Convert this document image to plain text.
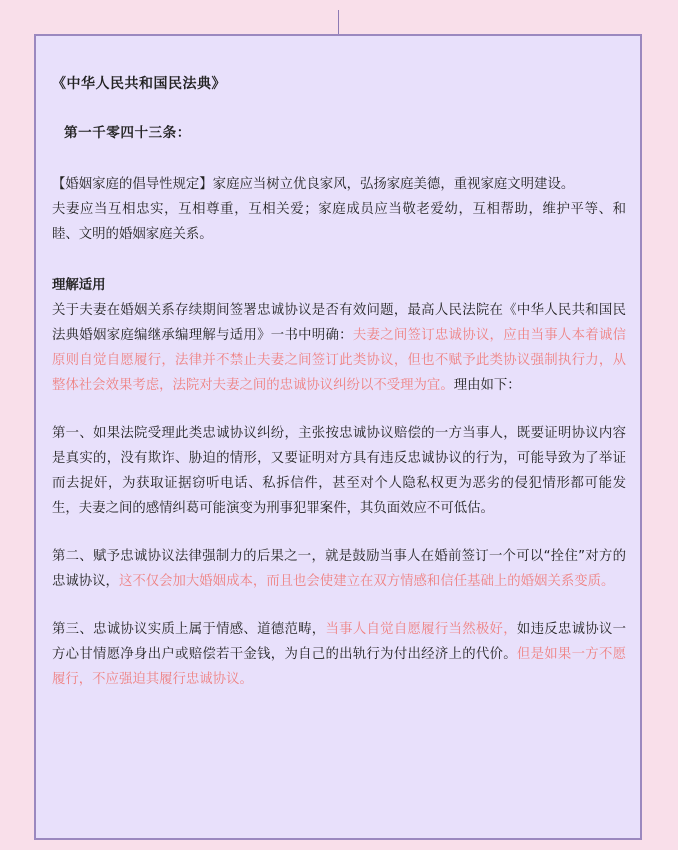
《中华人民共和国民法典》
第一千零四十三条：

【婚姻家庭的倡导性规定】家庭应当树立优良家风，弘扬家庭美德，重视家庭文明建设。

夫妻应当互相忠实，互相尊重，互相关爱；家庭成员应当敬老爱幼，互相帮助，维护平等、和睦、文明的婚姻家庭关系。

理解适用

关于夫妻在婚姻关系存续期间签署忠诚协议是否有效问题，最高人民法院在《中华人民共和国民法典婚姻家庭编继承编理解与适用》一书中明确：夫妻之间签订忠诚协议，应由当事人本着诚信原则自觉自愿履行，法律并不禁止夫妻之间签订此类协议，但也不赋予此类协议强制执行力，从整体社会效果考虑，法院对夫妻之间的忠诚协议纠纷以不受理为宜。理由如下：

第一、如果法院受理此类忠诚协议纠纷，主张按忠诚协议赔偿的一方当事人，既要证明协议内容是真实的，没有欺诈、胁迫的情形，又要证明对方具有违反忠诚协议的行为，可能导致为了举证而去捉奸，为获取证据窃听电话、私拆信件，甚至对个人隐私权更为恶劣的侵犯情形都可能发生，夫妻之间的感情纠葛可能演变为刑事犯罪案件，其负面效应不可低估。

第二、赋予忠诚协议法律强制力的后果之一，就是鼓励当事人在婚前签订一个可以“拴住”对方的忠诚协议，这不仅会加大婚姻成本，而且也会使建立在双方情感和信任基础上的婚姻关系变质。

第三、忠诚协议实质上属于情感、道德范畴，当事人自觉自愿履行当然极好，如违反忠诚协议一方心甘情愿净身出户或赔偿若干金钱，为自己的出轨行为付出经济上的代价。但是如果一方不愿履行，不应强迫其履行忠诚协议。
